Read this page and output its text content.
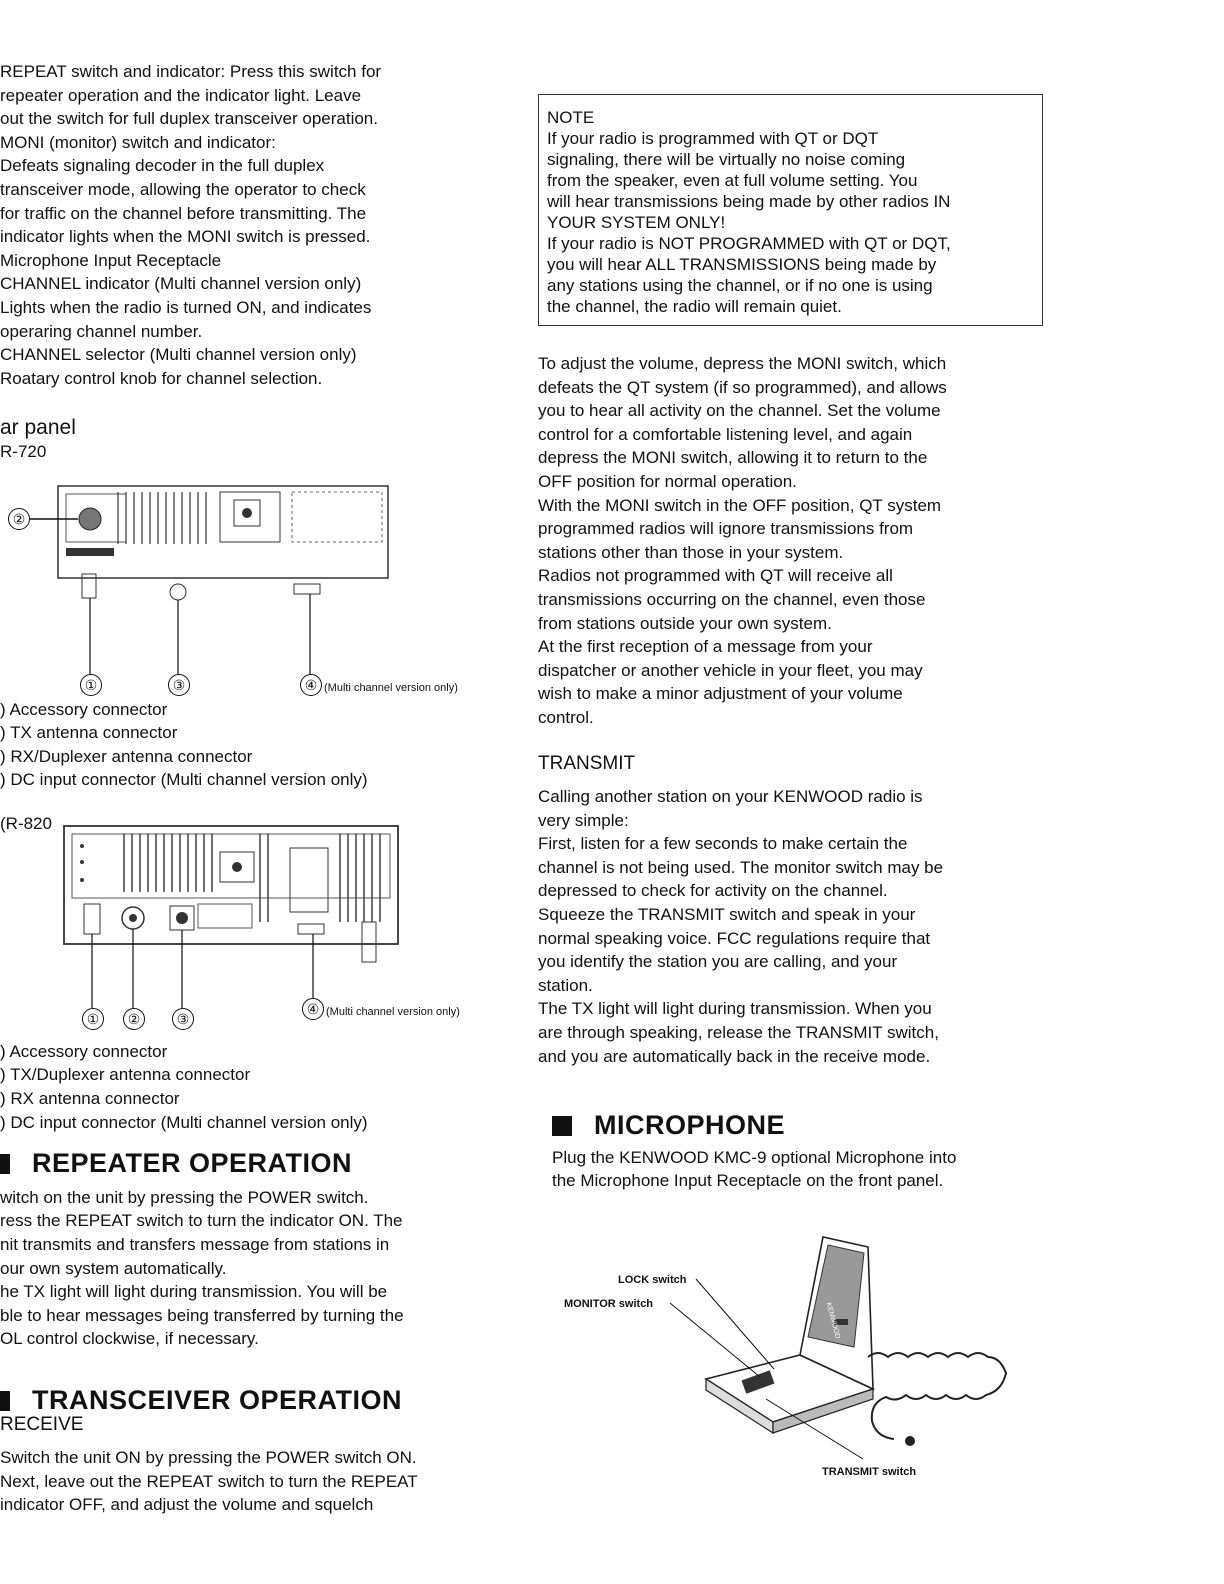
REPEAT switch and indicator: Press this switch for

repeater operation and the indicator light. Leave

out the switch for full duplex transceiver operation.

MONI (monitor) switch and indicator:

Defeats signaling decoder in the full duplex

transceiver mode, allowing the operator to check

for traffic on the channel before transmitting. The

indicator lights when the MONI switch is pressed.

Microphone Input Receptacle

CHANNEL indicator (Multi channel version only)

Lights when the radio is turned ON, and indicates

operaring channel number.

CHANNEL selector (Multi channel version only)

Roatary control knob for channel selection.

ar panel

R-720

②
①	③	④ (Multi channel version only)

) Accessory connector

) TX antenna connector

) RX/Duplexer antenna connector

) DC input connector (Multi channel version only)

(R-820

①	②	③
④ (Multi channel version only)

) Accessory connector

) TX/Duplexer antenna connector

) RX antenna connector

) DC input connector (Multi channel version only)

REPEATER OPERATION

witch on the unit by pressing the POWER switch.

ress the REPEAT switch to turn the indicator ON. The

nit transmits and transfers message from stations in

our own system automatically.

he TX light will light during transmission. You will be

ble to hear messages being transferred by turning the

OL control clockwise, if necessary.

TRANSCEIVER OPERATION

RECEIVE

Switch the unit ON by pressing the POWER switch ON.

Next, leave out the REPEAT switch to turn the REPEAT

indicator OFF, and adjust the volume and squelch

NOTE

If your radio is programmed with QT or DQT

signaling, there will be virtually no noise coming

from the speaker, even at full volume setting. You

will hear transmissions being made by other radios IN

YOUR SYSTEM ONLY!

If your radio is NOT PROGRAMMED with QT or DQT,

you will hear ALL TRANSMISSIONS being made by

any stations using the channel, or if no one is using

the channel, the radio will remain quiet.

To adjust the volume, depress the MONI switch, which

defeats the QT system (if so programmed), and allows

you to hear all activity on the channel. Set the volume

control for a comfortable listening level, and again

depress the MONI switch, allowing it to return to the

OFF position for normal operation.

With the MONI switch in the OFF position, QT system

programmed radios will ignore transmissions from

stations other than those in your system.

Radios not programmed with QT will receive all

transmissions occurring on the channel, even those

from stations outside your own system.

At the first reception of a message from your

dispatcher or another vehicle in your fleet, you may

wish to make a minor adjustment of your volume

control.

TRANSMIT

Calling another station on your KENWOOD radio is

very simple:

First, listen for a few seconds to make certain the

channel is not being used. The monitor switch may be

depressed to check for activity on the channel.

Squeeze the TRANSMIT switch and speak in your

normal speaking voice. FCC regulations require that

you identify the station you are calling, and your

station.

The TX light will light during transmission. When you

are through speaking, release the TRANSMIT switch,

and you are automatically back in the receive mode.

MICROPHONE

Plug the KENWOOD KMC-9 optional Microphone into

the Microphone Input Receptacle on the front panel.

LOCK switch
MONITOR switch
TRANSMIT switch
KENWOOD
